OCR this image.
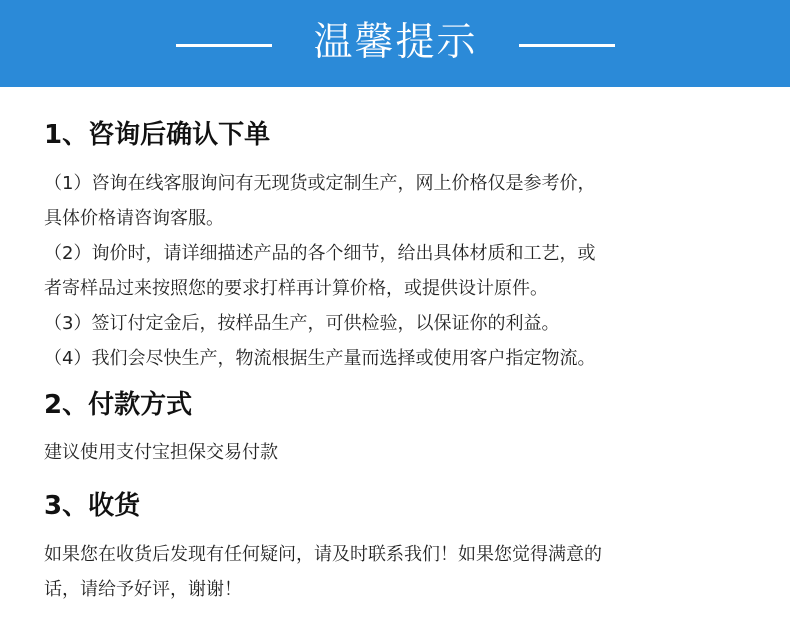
温馨提示
1、咨询后确认下单
（1）咨询在线客服询问有无现货或定制生产，网上价格仅是参考价，
具体价格请咨询客服。
（2）询价时，请详细描述产品的各个细节，给出具体材质和工艺，或
者寄样品过来按照您的要求打样再计算价格，或提供设计原件。
（3）签订付定金后，按样品生产，可供检验，以保证你的利益。
（4）我们会尽快生产，物流根据生产量而选择或使用客户指定物流。
2、付款方式
建议使用支付宝担保交易付款
3、收货
如果您在收货后发现有任何疑问，请及时联系我们！如果您觉得满意的
话，请给予好评，谢谢！
